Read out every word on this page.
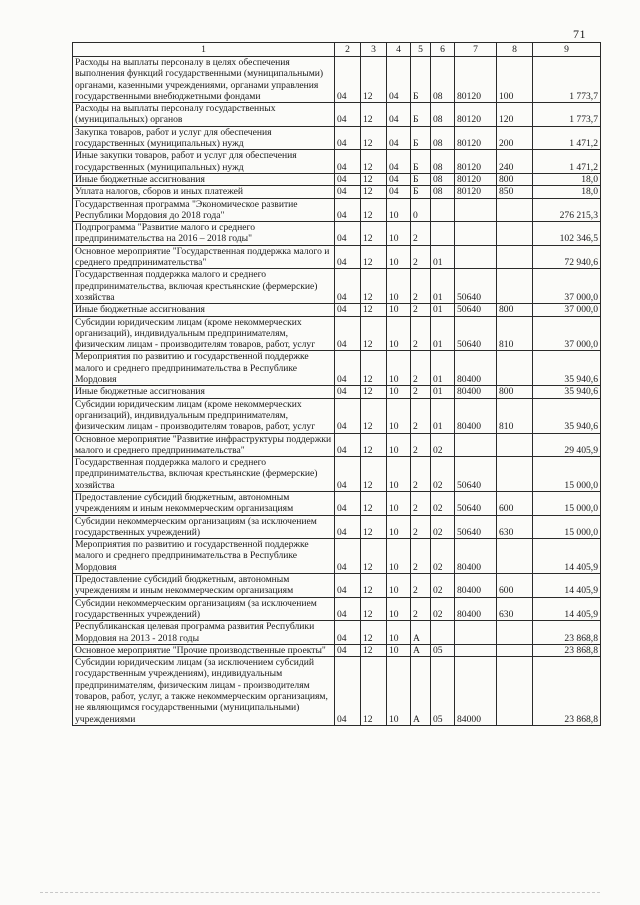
71
1	2	3	4	5	6	7	8	9
Расходы на выплаты персоналу в целях обеспечения выполнения функций государственными (муниципальными) органами, казенными учреждениями, органами управления государственными внебюджетными фондами	04	12	04	Б	08	80120	100	1 773,7
Расходы на выплаты персоналу государственных (муниципальных) органов	04	12	04	Б	08	80120	120	1 773,7
Закупка товаров, работ и услуг для обеспечения государственных (муниципальных) нужд	04	12	04	Б	08	80120	200	1 471,2
Иные закупки товаров, работ и услуг для обеспечения государственных (муниципальных) нужд	04	12	04	Б	08	80120	240	1 471,2
Иные бюджетные ассигнования	04	12	04	Б	08	80120	800	18,0
Уплата налогов, сборов и иных платежей	04	12	04	Б	08	80120	850	18,0
Государственная программа "Экономическое развитие Республики Мордовия до 2018 года"	04	12	10	0				276 215,3
Подпрограмма "Развитие малого и среднего предпринимательства на 2016 – 2018 годы"	04	12	10	2				102 346,5
Основное мероприятие "Государственная поддержка малого и среднего предпринимательства"	04	12	10	2	01			72 940,6
Государственная поддержка малого и среднего предпринимательства, включая крестьянские (фермерские) хозяйства	04	12	10	2	01	50640		37 000,0
Иные бюджетные ассигнования	04	12	10	2	01	50640	800	37 000,0
Субсидии юридическим лицам (кроме некоммерческих организаций), индивидуальным предпринимателям, физическим лицам - производителям товаров, работ, услуг	04	12	10	2	01	50640	810	37 000,0
Мероприятия по развитию и государственной поддержке малого и среднего предпринимательства в Республике Мордовия	04	12	10	2	01	80400		35 940,6
Иные бюджетные ассигнования	04	12	10	2	01	80400	800	35 940,6
Субсидии юридическим лицам (кроме некоммерческих организаций), индивидуальным предпринимателям, физическим лицам - производителям товаров, работ, услуг	04	12	10	2	01	80400	810	35 940,6
Основное мероприятие "Развитие инфраструктуры поддержки малого и среднего предпринимательства"	04	12	10	2	02			29 405,9
Государственная поддержка малого и среднего предпринимательства, включая крестьянские (фермерские) хозяйства	04	12	10	2	02	50640		15 000,0
Предоставление субсидий бюджетным, автономным учреждениям и иным некоммерческим организациям	04	12	10	2	02	50640	600	15 000,0
Субсидии некоммерческим организациям (за исключением государственных учреждений)	04	12	10	2	02	50640	630	15 000,0
Мероприятия по развитию и государственной поддержке малого и среднего предпринимательства в Республике Мордовия	04	12	10	2	02	80400		14 405,9
Предоставление субсидий бюджетным, автономным учреждениям и иным некоммерческим организациям	04	12	10	2	02	80400	600	14 405,9
Субсидии некоммерческим организациям (за исключением государственных учреждений)	04	12	10	2	02	80400	630	14 405,9
Республиканская целевая программа развития Республики Мордовия на 2013 - 2018 годы	04	12	10	А				23 868,8
Основное мероприятие "Прочие производственные проекты"	04	12	10	А	05			23 868,8
Субсидии юридическим лицам (за исключением субсидий государственным учреждениям), индивидуальным предпринимателям, физическим лицам - производителям товаров, работ, услуг, а также некоммерческим организациям, не являющимся государственными (муниципальными) учреждениями	04	12	10	А	05	84000		23 868,8
